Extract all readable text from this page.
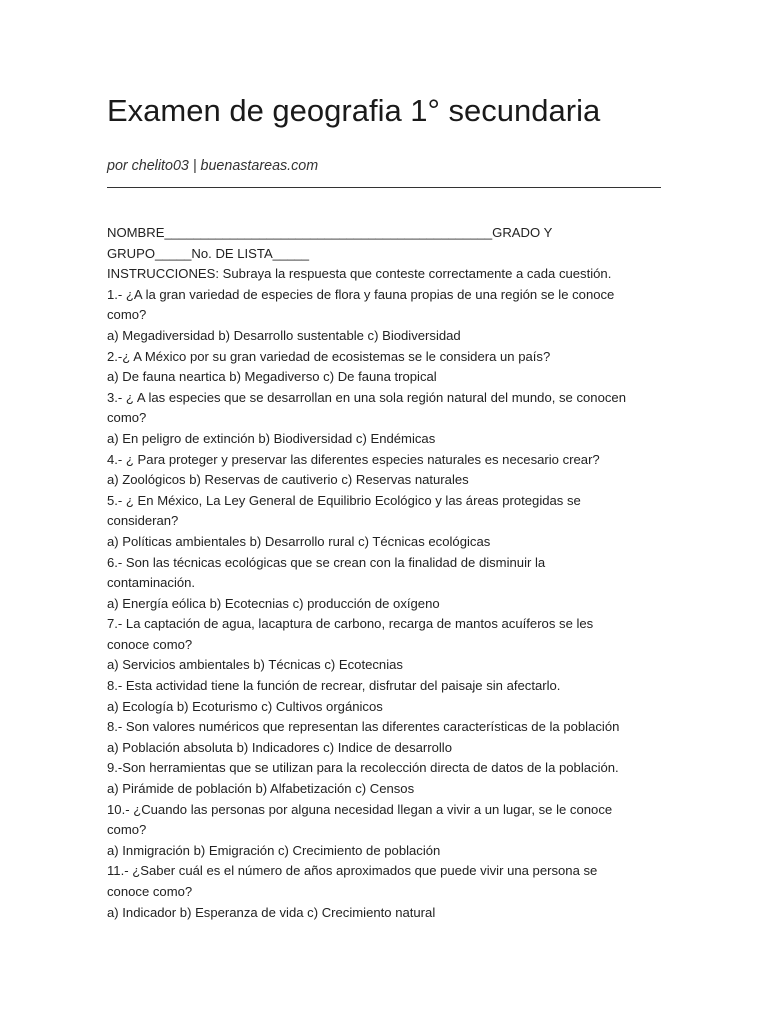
Examen de geografia 1° secundaria
por chelito03 | buenastareas.com
NOMBRE_____________________________________________GRADO Y
GRUPO_____No. DE LISTA_____
INSTRUCCIONES: Subraya la respuesta que conteste correctamente a cada cuestión.
1.- ¿A la gran variedad de especies de flora y fauna propias de una región se le conoce
como?
a) Megadiversidad b) Desarrollo sustentable c) Biodiversidad
2.-¿ A México por su gran variedad de ecosistemas se le considera un país?
a) De fauna neartica b) Megadiverso c) De fauna tropical
3.- ¿ A las especies que se desarrollan en una sola región natural del mundo, se conocen
como?
a) En peligro de extinción b) Biodiversidad c) Endémicas
4.- ¿ Para proteger y preservar las diferentes especies naturales es necesario crear?
a) Zoológicos b) Reservas de cautiverio c) Reservas naturales
5.- ¿ En México, La Ley General de Equilibrio Ecológico y las áreas protegidas se
consideran?
a) Políticas ambientales b) Desarrollo rural c) Técnicas ecológicas
6.- Son las técnicas ecológicas que se crean con la finalidad de disminuir la
contaminación.
a) Energía eólica b) Ecotecnias c) producción de oxígeno
7.- La captación de agua, lacaptura de carbono, recarga de mantos acuíferos se les
conoce como?
a) Servicios ambientales b) Técnicas c) Ecotecnias
8.- Esta actividad tiene la función de recrear, disfrutar del paisaje sin afectarlo.
a) Ecología b) Ecoturismo c) Cultivos orgánicos
8.- Son valores numéricos que representan las diferentes características de la población
a) Población absoluta b) Indicadores c) Indice de desarrollo
9.-Son herramientas que se utilizan para la recolección directa de datos de la población.
a) Pirámide de población b) Alfabetización c) Censos
10.- ¿Cuando las personas por alguna necesidad llegan a vivir a un lugar, se le conoce
como?
a) Inmigración b) Emigración c) Crecimiento de población
11.- ¿Saber cuál es el número de años aproximados que puede vivir una persona se
conoce como?
a) Indicador b) Esperanza de vida c) Crecimiento natural
